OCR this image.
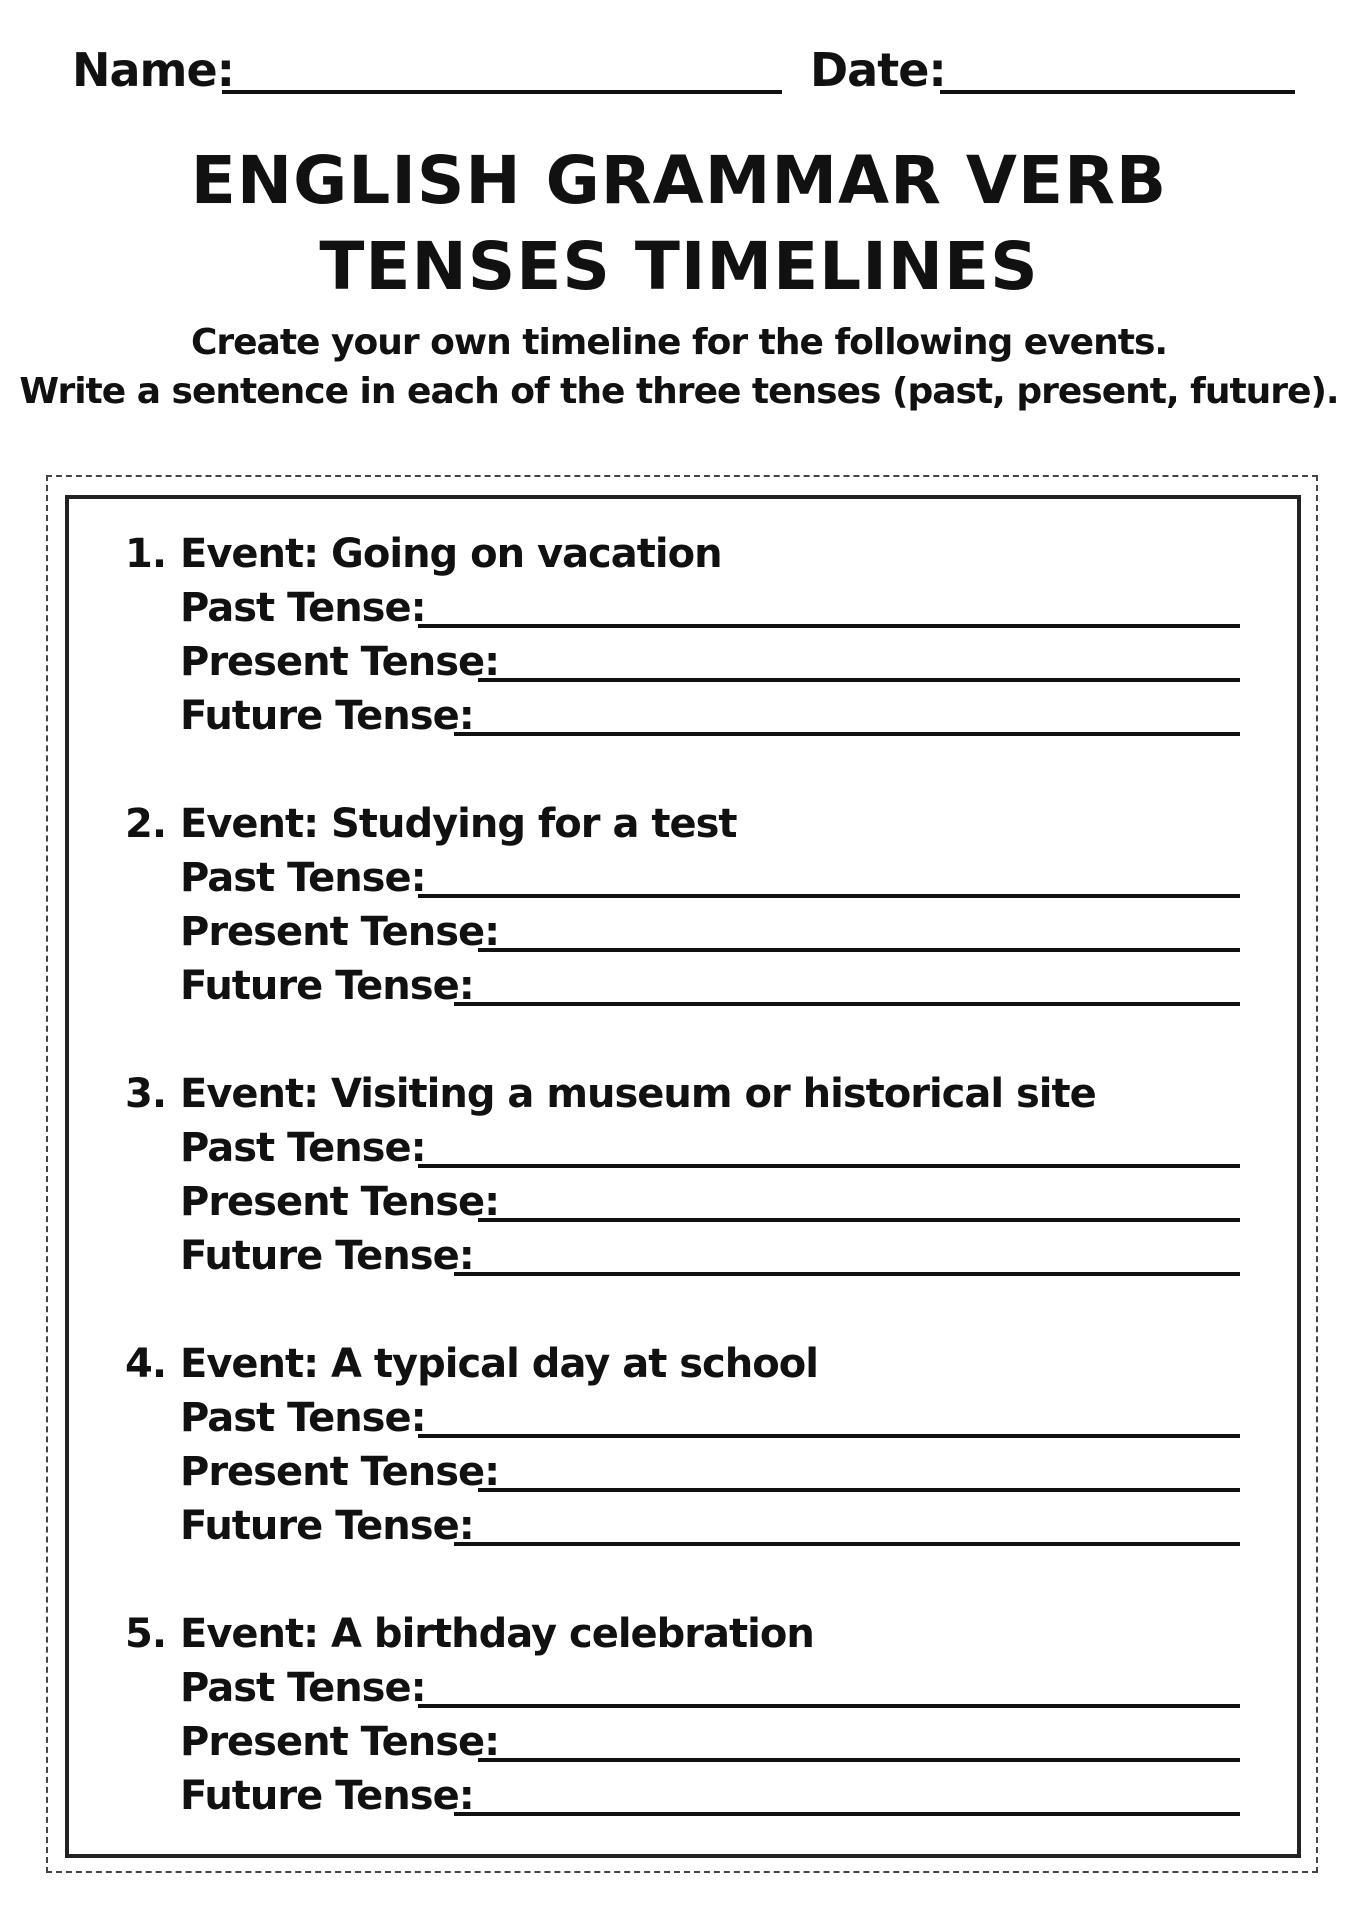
Name:	Date:
ENGLISH GRAMMAR VERB
TENSES TIMELINES
Create your own timeline for the following events.
Write a sentence in each of the three tenses (past, present, future).
1. Event: Going on vacation
Past Tense:
Present Tense:
Future Tense:
2. Event: Studying for a test
Past Tense:
Present Tense:
Future Tense:
3. Event: Visiting a museum or historical site
Past Tense:
Present Tense:
Future Tense:
4. Event: A typical day at school
Past Tense:
Present Tense:
Future Tense:
5. Event: A birthday celebration
Past Tense:
Present Tense:
Future Tense:
